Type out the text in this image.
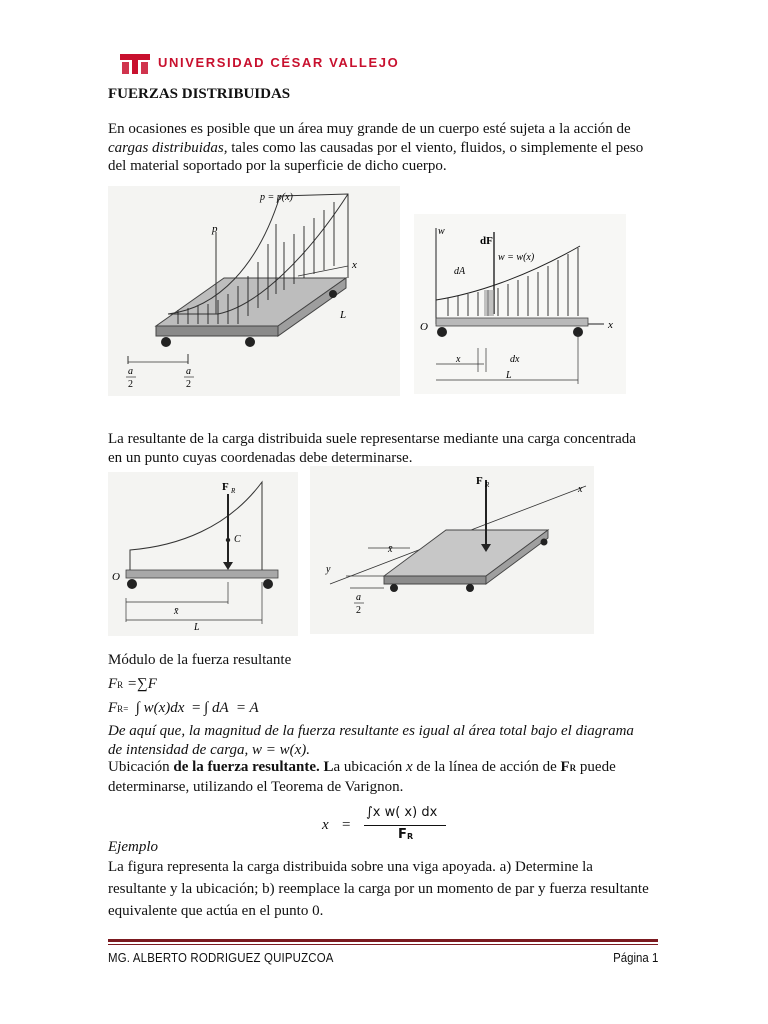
UNIVERSIDAD CÉSAR VALLEJO
FUERZAS DISTRIBUIDAS
En ocasiones es posible que un área muy grande de un cuerpo esté sujeta a la acción de
cargas distribuidas, tales como las causadas por el viento, fluidos, o simplemente el peso
del material soportado por la superficie de dicho cuerpo.
p = p(x)
p
x
L
a
2
a
2
w
dF
w = w(x)
dA
O	x
x	dx
L
La resultante de la carga distribuida suele representarse mediante una carga concentrada
en un punto cuyas coordenadas debe determinarse.
F R
C
O
x̄
L
F R	x
y
x̄
a
2
Módulo de la fuerza resultante
FR =∑F
FR= ∫ w(x)dx = ∫ dA = A
De aquí que, la magnitud de la fuerza resultante es igual al área total bajo el diagrama
de intensidad de carga, w = w(x).
Ubicación de la fuerza resultante. La ubicación x de la línea de acción de FR puede
determinarse, utilizando el Teorema de Varignon.
x =
∫x w( x) dx
F R
Ejemplo
La figura representa la carga distribuida sobre una viga apoyada. a) Determine la
resultante y la ubicación; b) reemplace la carga por un momento de par y fuerza resultante
equivalente que actúa en el punto 0.
MG. ALBERTO RODRIGUEZ QUIPUZCOA	Página 1
